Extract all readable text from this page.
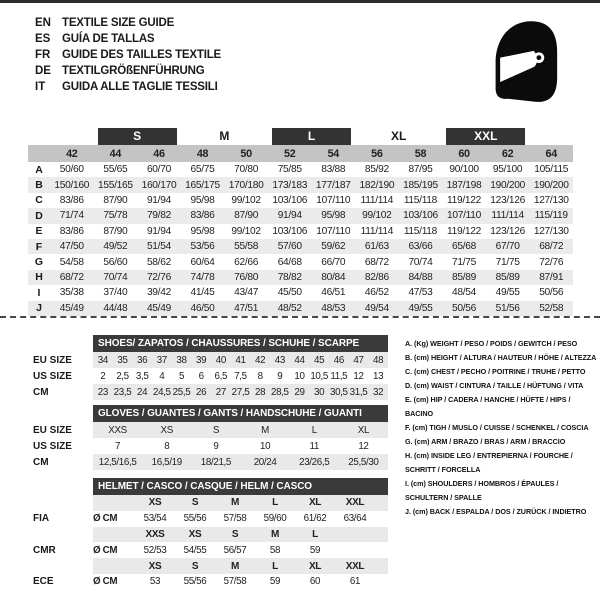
EN TEXTILE SIZE GUIDE
ES	GUÍA DE TALLAS
FR	GUIDE DES TAILLES TEXTILE
DE TEXTILGRÖßENFÜHRUNG
IT	GUIDA ALLE TAGLIE TESSILI
S	M	L	XL	XXL
42	44	46	48	50	52	54	56	58	60	62	64
A	50/60	55/65	60/70	65/75	70/80	75/85	83/88	85/92	87/95	90/100	95/100	105/115
B	150/160 155/165 160/170 165/175 170/180 173/183 177/187 182/190 185/195 187/198 190/200 190/200
C	83/86	87/90	91/94	95/98	99/102	103/106 107/110	111/114	115/118 119/122 123/126 127/130
D	71/74	75/78	79/82	83/86	87/90	91/94	95/98	99/102	103/106 107/110	111/114	115/119
E	83/86	87/90	91/94	95/98	99/102	103/106 107/110	111/114	115/118 119/122 123/126 127/130
F	47/50	49/52	51/54	53/56	55/58	57/60	59/62	61/63	63/66	65/68	67/70	68/72
G	54/58	56/60	58/62	60/64	62/66	64/68	66/70	68/72	70/74	71/75	71/75	72/76
H	68/72	70/74	72/76	74/78	76/80	78/82	80/84	82/86	84/88	85/89	85/89	87/91
I	35/38	37/40	39/42	41/45	43/47	45/50	46/51	46/52	47/53	48/54	49/55	50/56
J	45/49	44/48	45/49	46/50	47/51	48/52	48/53	49/54	49/55	50/56	51/56	52/58
SHOES/ ZAPATOS / CHAUSSURES / SCHUHE / SCARPE
EU SIZE	34 35 36 37 38 39 40 41 42 43 44 45 46 47 48
US SIZE	2	2,5 3,5	4	5	6	6,5 7,5	8	9	10 10,5 11,5 12 13
CM	23 23,5 24 24,5 25,5 26 27 27,5 28 28,5 29 30 30,5 31,5 32
GLOVES / GUANTES / GANTS / HANDSCHUHE / GUANTI
EU SIZE	XXS	XS	S	M	L	XL
US SIZE	7	8	9	10	11	12
CM	12,5/16,5	16,5/19	18/21,5	20/24	23/26,5	25,5/30
HELMET / CASCO / CASQUE / HELM / CASCO
XS	S	M	L	XL	XXL
FIA	Ø CM	53/54	55/56	57/58	59/60	61/62	63/64
XXS	XS	S	M	L
CMR	Ø CM	52/53	54/55	56/57	58	59
XS	S	M	L	XL	XXL
ECE	Ø CM	53	55/56	57/58	59	60	61
A. (Kg) WEIGHT / PESO / POIDS / GEWITCH / PESO
B. (cm) HEIGHT / ALTURA / HAUTEUR / HÖHE / ALTEZZA
C. (cm) CHEST / PECHO / POITRINE / TRUHE / PETTO
D. (cm) WAIST / CINTURA / TAILLE / HÜFTUNG / VITA
E. (cm) HIP / CADERA / HANCHE / HÜFTE / HIPS / BACINO
F. (cm) TIGH / MUSLO / CUISSE / SCHENKEL / COSCIA
G. (cm) ARM / BRAZO / BRAS / ARM / BRACCIO
H. (cm) INSIDE LEG / ENTREPIERNA / FOURCHE / SCHRITT / FORCELLA
I. (cm) SHOULDERS / HOMBROS / ÉPAULES / SCHULTERN / SPALLE
J. (cm) BACK / ESPALDA / DOS / ZURÜCK / INDIETRO
